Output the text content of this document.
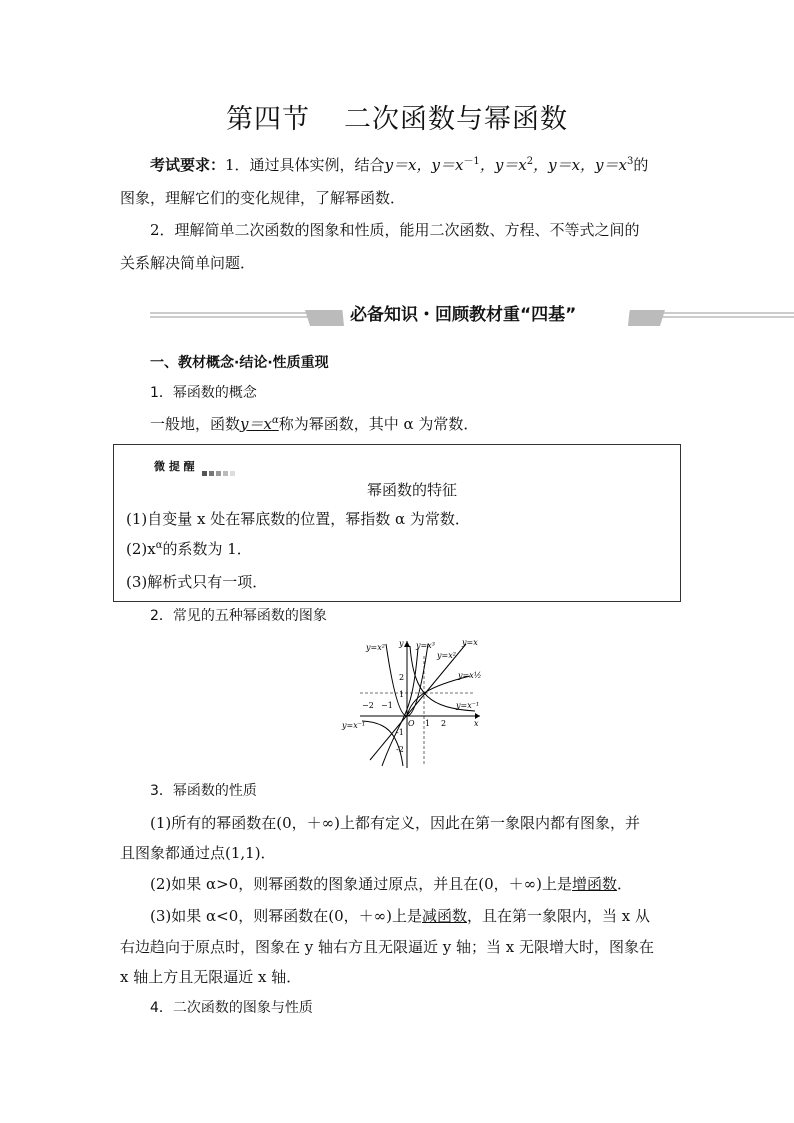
第四节 二次函数与幂函数
考试要求：1．通过具体实例，结合y＝x，$y=x^{-1}$，$y=x^2$，y＝x，$y=x^3$的
图象，理解它们的变化规律，了解幂函数．
2．理解简单二次函数的图象和性质，能用二次函数、方程、不等式之间的
关系解决简单问题．
必备知识・回顾教材重“四基”
一、教材概念·结论·性质重现
1．幂函数的概念
一般地，函数$y=x^\alpha$称为幂函数，其中 α 为常数．
微 提 醒
幂函数的特征
(1)自变量 x 处在幂底数的位置，幂指数 α 为常数．
$(2)x^\alpha$的系数为 1．
(3)解析式只有一项．
2．常见的五种幂函数的图象
y=x²	y=x³	y=x
y=x²
y=x½
y=x⁻¹
y=x⁻¹
y
x
O
2
1
-1
-2
−2 −1
1 2
3．幂函数的性质
(1)所有的幂函数在(0，＋∞)上都有定义，因此在第一象限内都有图象，并
且图象都通过点(1,1)．
(2)如果 α>0，则幂函数的图象通过原点，并且在(0，＋∞)上是增函数．
(3)如果 α<0，则幂函数在(0，＋∞)上是减函数，且在第一象限内，当 x 从
右边趋向于原点时，图象在 y 轴右方且无限逼近 y 轴；当 x 无限增大时，图象在
x 轴上方且无限逼近 x 轴．
4．二次函数的图象与性质
